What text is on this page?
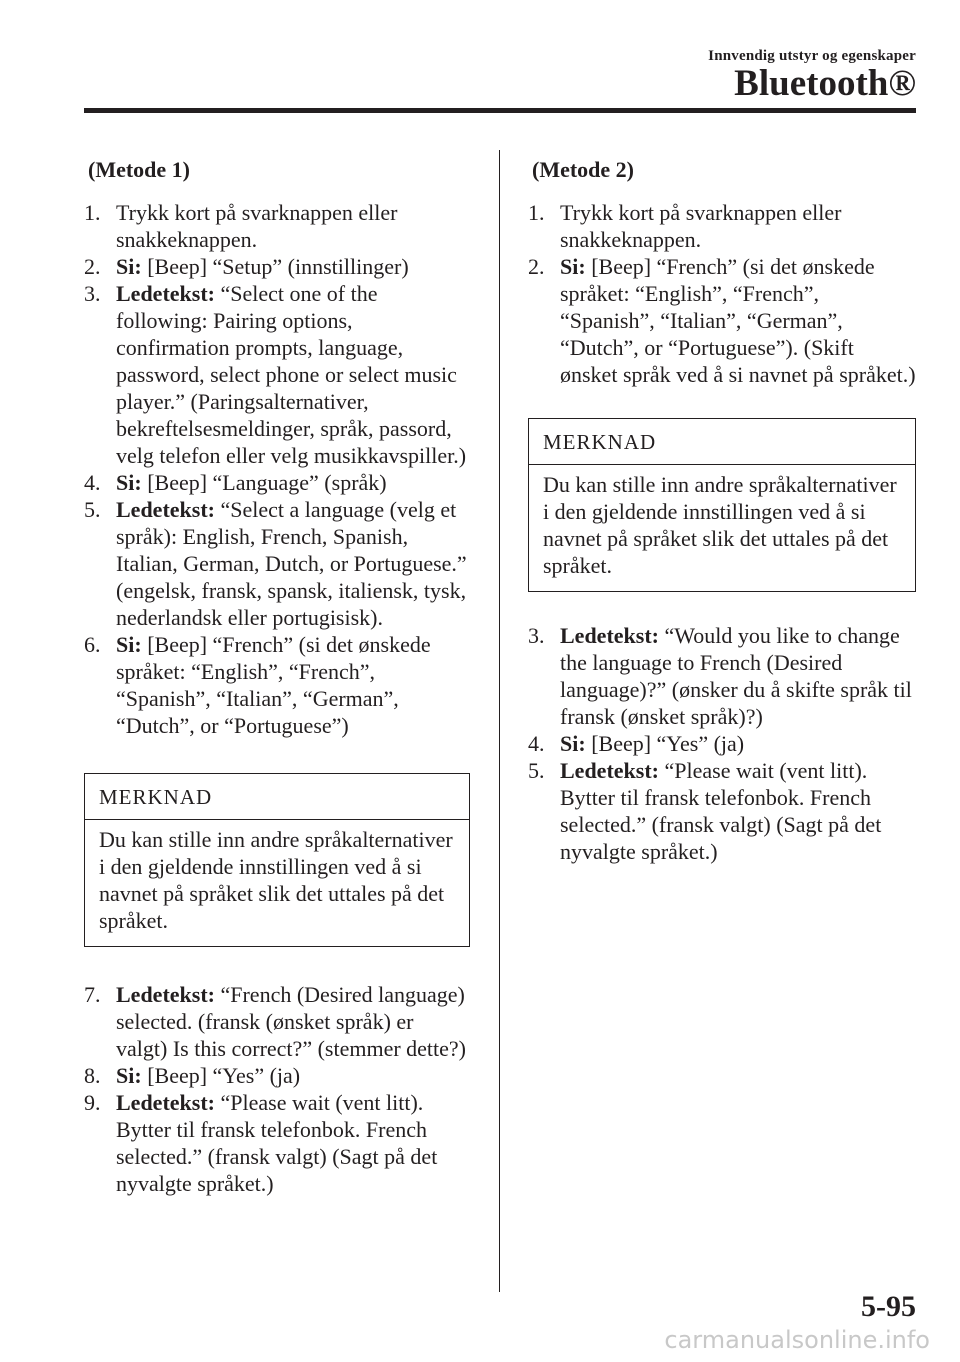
Innvendig utstyr og egenskaper
Bluetooth®
(Metode 1)
1. Trykk kort på svarknappen eller snakkeknappen.
2. Si: [Beep] “Setup” (innstillinger)
3. Ledetekst: “Select one of the following: Pairing options, confirmation prompts, language, password, select phone or select music player.” (Paringsalternativer, bekreftelsesmeldinger, språk, passord, velg telefon eller velg musikkavspiller.)
4. Si: [Beep] “Language” (språk)
5. Ledetekst: “Select a language (velg et språk): English, French, Spanish, Italian, German, Dutch, or Portuguese.” (engelsk, fransk, spansk, italiensk, tysk, nederlandsk eller portugisisk).
6. Si: [Beep] “French” (si det ønskede språket: “English”, “French”, “Spanish”, “Italian”, “German”, “Dutch”, or “Portuguese”)
MERKNAD
Du kan stille inn andre språkalternativer i den gjeldende innstillingen ved å si navnet på språket slik det uttales på det språket.
7. Ledetekst: “French (Desired language) selected. (fransk (ønsket språk) er valgt) Is this correct?” (stemmer dette?)
8. Si: [Beep] “Yes” (ja)
9. Ledetekst: “Please wait (vent litt). Bytter til fransk telefonbok. French selected.” (fransk valgt) (Sagt på det nyvalgte språket.)
(Metode 2)
1. Trykk kort på svarknappen eller snakkeknappen.
2. Si: [Beep] “French” (si det ønskede språket: “English”, “French”, “Spanish”, “Italian”, “German”, “Dutch”, or “Portuguese”). (Skift ønsket språk ved å si navnet på språket.)
MERKNAD
Du kan stille inn andre språkalternativer i den gjeldende innstillingen ved å si navnet på språket slik det uttales på det språket.
3. Ledetekst: “Would you like to change the language to French (Desired language)?” (ønsker du å skifte språk til fransk (ønsket språk)?)
4. Si: [Beep] “Yes” (ja)
5. Ledetekst: “Please wait (vent litt). Bytter til fransk telefonbok. French selected.” (fransk valgt) (Sagt på det nyvalgte språket.)
5-95
carmanualsonline.info
